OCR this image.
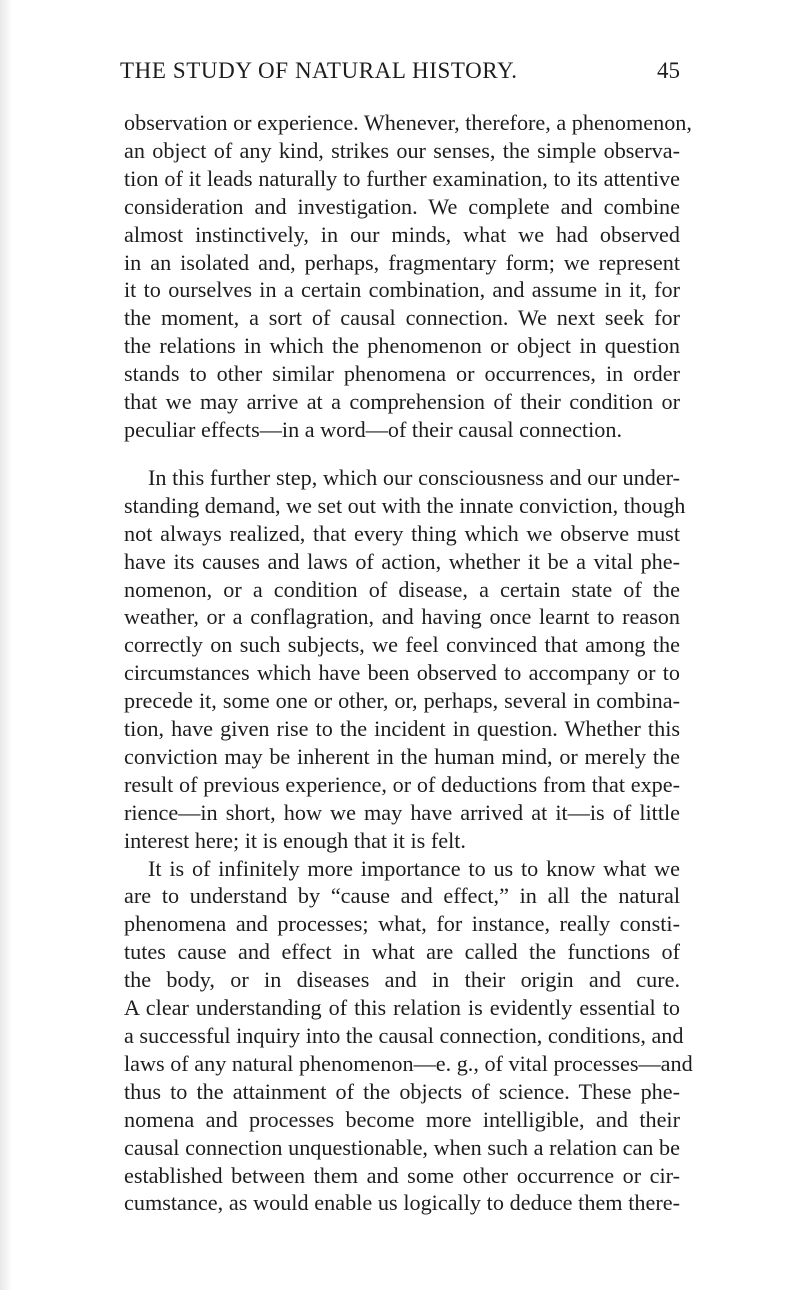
THE STUDY OF NATURAL HISTORY.	45
observation or experience. Whenever, therefore, a phenomenon,
an object of any kind, strikes our senses, the simple observa-
tion of it leads naturally to further examination, to its attentive
consideration and investigation. We complete and combine
almost instinctively, in our minds, what we had observed
in an isolated and, perhaps, fragmentary form; we represent
it to ourselves in a certain combination, and assume in it, for
the moment, a sort of causal connection. We next seek for
the relations in which the phenomenon or object in question
stands to other similar phenomena or occurrences, in order
that we may arrive at a comprehension of their condition or
peculiar effects—in a word—of their causal connection.
In this further step, which our consciousness and our under-
standing demand, we set out with the innate conviction, though
not always realized, that every thing which we observe must
have its causes and laws of action, whether it be a vital phe-
nomenon, or a condition of disease, a certain state of the
weather, or a conflagration, and having once learnt to reason
correctly on such subjects, we feel convinced that among the
circumstances which have been observed to accompany or to
precede it, some one or other, or, perhaps, several in combina-
tion, have given rise to the incident in question. Whether this
conviction may be inherent in the human mind, or merely the
result of previous experience, or of deductions from that expe-
rience—in short, how we may have arrived at it—is of little
interest here; it is enough that it is felt.
It is of infinitely more importance to us to know what we
are to understand by “cause and effect,” in all the natural
phenomena and processes; what, for instance, really consti-
tutes cause and effect in what are called the functions of
the body, or in diseases and in their origin and cure.
A clear understanding of this relation is evidently essential to
a successful inquiry into the causal connection, conditions, and
laws of any natural phenomenon—e. g., of vital processes—and
thus to the attainment of the objects of science. These phe-
nomena and processes become more intelligible, and their
causal connection unquestionable, when such a relation can be
established between them and some other occurrence or cir-
cumstance, as would enable us logically to deduce them there-
